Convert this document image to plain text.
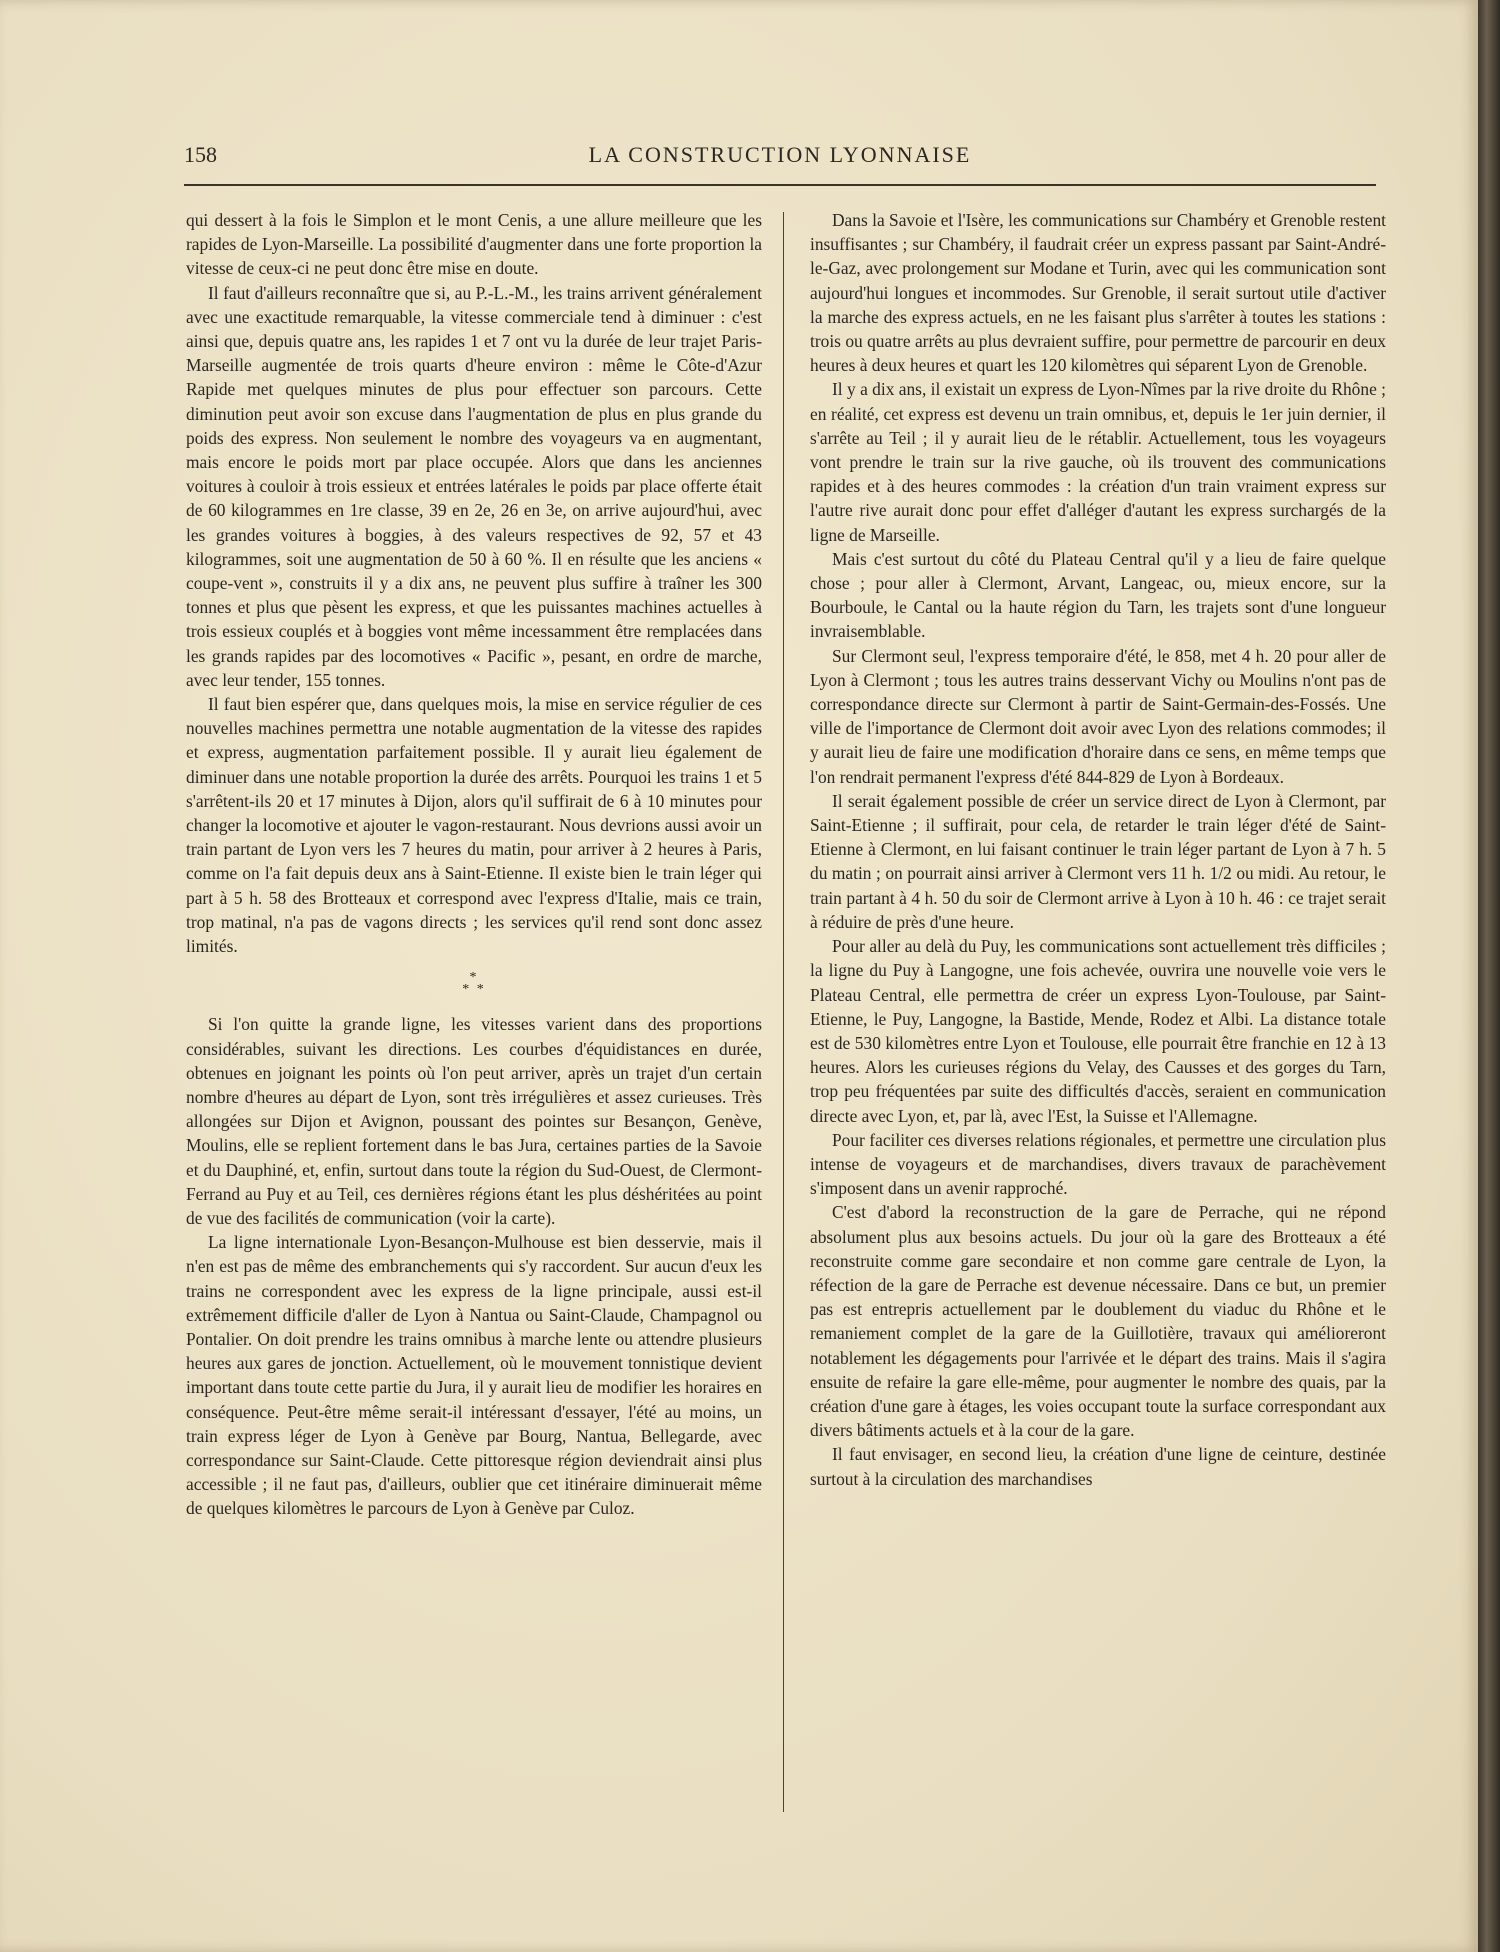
158	LA CONSTRUCTION LYONNAISE

qui dessert à la fois le Simplon et le mont Cenis, a une allure meilleure que les rapides de Lyon-Marseille. La possibilité d'augmenter dans une forte proportion la vitesse de ceux-ci ne peut donc être mise en doute.

Il faut d'ailleurs reconnaître que si, au P.-L.-M., les trains arrivent généralement avec une exactitude remarquable, la vitesse commerciale tend à diminuer : c'est ainsi que, depuis quatre ans, les rapides 1 et 7 ont vu la durée de leur trajet Paris-Marseille augmentée de trois quarts d'heure environ : même le Côte-d'Azur Rapide met quelques minutes de plus pour effectuer son parcours. Cette diminution peut avoir son excuse dans l'augmentation de plus en plus grande du poids des express. Non seulement le nombre des voyageurs va en augmentant, mais encore le poids mort par place occupée. Alors que dans les anciennes voitures à couloir à trois essieux et entrées latérales le poids par place offerte était de 60 kilogrammes en 1re classe, 39 en 2e, 26 en 3e, on arrive aujourd'hui, avec les grandes voitures à boggies, à des valeurs respectives de 92, 57 et 43 kilogrammes, soit une augmentation de 50 à 60 %. Il en résulte que les anciens « coupe-vent », construits il y a dix ans, ne peuvent plus suffire à traîner les 300 tonnes et plus que pèsent les express, et que les puissantes machines actuelles à trois essieux couplés et à boggies vont même incessamment être remplacées dans les grands rapides par des locomotives « Pacific », pesant, en ordre de marche, avec leur tender, 155 tonnes.

Il faut bien espérer que, dans quelques mois, la mise en service régulier de ces nouvelles machines permettra une notable augmentation de la vitesse des rapides et express, augmentation parfaitement possible. Il y aurait lieu également de diminuer dans une notable proportion la durée des arrêts. Pourquoi les trains 1 et 5 s'arrêtent-ils 20 et 17 minutes à Dijon, alors qu'il suffirait de 6 à 10 minutes pour changer la locomotive et ajouter le vagon-restaurant. Nous devrions aussi avoir un train partant de Lyon vers les 7 heures du matin, pour arriver à 2 heures à Paris, comme on l'a fait depuis deux ans à Saint-Etienne. Il existe bien le train léger qui part à 5 h. 58 des Brotteaux et correspond avec l'express d'Italie, mais ce train, trop matinal, n'a pas de vagons directs ; les services qu'il rend sont donc assez limités.

*
* *

Si l'on quitte la grande ligne, les vitesses varient dans des proportions considérables, suivant les directions. Les courbes d'équidistances en durée, obtenues en joignant les points où l'on peut arriver, après un trajet d'un certain nombre d'heures au départ de Lyon, sont très irrégulières et assez curieuses. Très allongées sur Dijon et Avignon, poussant des pointes sur Besançon, Genève, Moulins, elle se replient fortement dans le bas Jura, certaines parties de la Savoie et du Dauphiné, et, enfin, surtout dans toute la région du Sud-Ouest, de Clermont-Ferrand au Puy et au Teil, ces dernières régions étant les plus déshéritées au point de vue des facilités de communication (voir la carte).

La ligne internationale Lyon-Besançon-Mulhouse est bien desservie, mais il n'en est pas de même des embranchements qui s'y raccordent. Sur aucun d'eux les trains ne correspondent avec les express de la ligne principale, aussi est-il extrêmement difficile d'aller de Lyon à Nantua ou Saint-Claude, Champagnol ou Pontalier. On doit prendre les trains omnibus à marche lente ou attendre plusieurs heures aux gares de jonction. Actuellement, où le mouvement tonnistique devient important dans toute cette partie du Jura, il y aurait lieu de modifier les horaires en conséquence. Peut-être même serait-il intéressant d'essayer, l'été au moins, un train express léger de Lyon à Genève par Bourg, Nantua, Bellegarde, avec correspondance sur Saint-Claude. Cette pittoresque région deviendrait ainsi plus accessible ; il ne faut pas, d'ailleurs, oublier que cet itinéraire diminuerait même de quelques kilomètres le parcours de Lyon à Genève par Culoz.

Dans la Savoie et l'Isère, les communications sur Chambéry et Grenoble restent insuffisantes ; sur Chambéry, il faudrait créer un express passant par Saint-André-le-Gaz, avec prolongement sur Modane et Turin, avec qui les communication sont aujourd'hui longues et incommodes. Sur Grenoble, il serait surtout utile d'activer la marche des express actuels, en ne les faisant plus s'arrêter à toutes les stations : trois ou quatre arrêts au plus devraient suffire, pour permettre de parcourir en deux heures à deux heures et quart les 120 kilomètres qui séparent Lyon de Grenoble.

Il y a dix ans, il existait un express de Lyon-Nîmes par la rive droite du Rhône ; en réalité, cet express est devenu un train omnibus, et, depuis le 1er juin dernier, il s'arrête au Teil ; il y aurait lieu de le rétablir. Actuellement, tous les voyageurs vont prendre le train sur la rive gauche, où ils trouvent des communications rapides et à des heures commodes : la création d'un train vraiment express sur l'autre rive aurait donc pour effet d'alléger d'autant les express surchargés de la ligne de Marseille.

Mais c'est surtout du côté du Plateau Central qu'il y a lieu de faire quelque chose ; pour aller à Clermont, Arvant, Langeac, ou, mieux encore, sur la Bourboule, le Cantal ou la haute région du Tarn, les trajets sont d'une longueur invraisemblable.

Sur Clermont seul, l'express temporaire d'été, le 858, met 4 h. 20 pour aller de Lyon à Clermont ; tous les autres trains desservant Vichy ou Moulins n'ont pas de correspondance directe sur Clermont à partir de Saint-Germain-des-Fossés. Une ville de l'importance de Clermont doit avoir avec Lyon des relations commodes; il y aurait lieu de faire une modification d'horaire dans ce sens, en même temps que l'on rendrait permanent l'express d'été 844-829 de Lyon à Bordeaux.

Il serait également possible de créer un service direct de Lyon à Clermont, par Saint-Etienne ; il suffirait, pour cela, de retarder le train léger d'été de Saint-Etienne à Clermont, en lui faisant continuer le train léger partant de Lyon à 7 h. 5 du matin ; on pourrait ainsi arriver à Clermont vers 11 h. 1/2 ou midi. Au retour, le train partant à 4 h. 50 du soir de Clermont arrive à Lyon à 10 h. 46 : ce trajet serait à réduire de près d'une heure.

Pour aller au delà du Puy, les communications sont actuellement très difficiles ; la ligne du Puy à Langogne, une fois achevée, ouvrira une nouvelle voie vers le Plateau Central, elle permettra de créer un express Lyon-Toulouse, par Saint-Etienne, le Puy, Langogne, la Bastide, Mende, Rodez et Albi. La distance totale est de 530 kilomètres entre Lyon et Toulouse, elle pourrait être franchie en 12 à 13 heures. Alors les curieuses régions du Velay, des Causses et des gorges du Tarn, trop peu fréquentées par suite des difficultés d'accès, seraient en communication directe avec Lyon, et, par là, avec l'Est, la Suisse et l'Allemagne.

Pour faciliter ces diverses relations régionales, et permettre une circulation plus intense de voyageurs et de marchandises, divers travaux de parachèvement s'imposent dans un avenir rapproché.

C'est d'abord la reconstruction de la gare de Perrache, qui ne répond absolument plus aux besoins actuels. Du jour où la gare des Brotteaux a été reconstruite comme gare secondaire et non comme gare centrale de Lyon, la réfection de la gare de Perrache est devenue nécessaire. Dans ce but, un premier pas est entrepris actuellement par le doublement du viaduc du Rhône et le remaniement complet de la gare de la Guillotière, travaux qui amélioreront notablement les dégagements pour l'arrivée et le départ des trains. Mais il s'agira ensuite de refaire la gare elle-même, pour augmenter le nombre des quais, par la création d'une gare à étages, les voies occupant toute la surface correspondant aux divers bâtiments actuels et à la cour de la gare.

Il faut envisager, en second lieu, la création d'une ligne de ceinture, destinée surtout à la circulation des marchandises
